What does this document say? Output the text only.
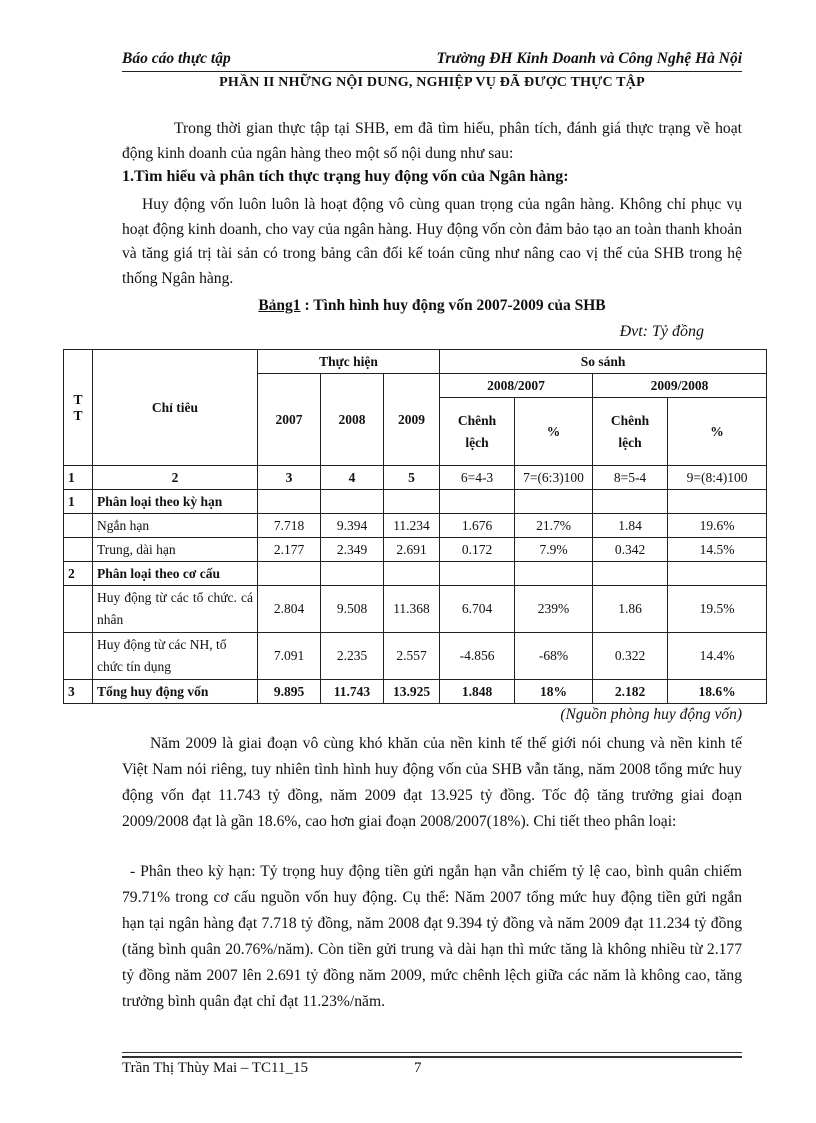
Báo cáo thực tập	Trường ĐH Kinh Doanh và Công Nghệ Hà Nội
PHẦN II NHỮNG NỘI DUNG, NGHIỆP VỤ ĐÃ ĐƯỢC THỰC TẬP
Trong thời gian thực tập tại SHB, em đã tìm hiểu, phân tích, đánh giá thực trạng về hoạt động kinh doanh của ngân hàng theo một số nội dung như sau:
1.Tìm hiểu và phân tích thực trạng huy động vốn của Ngân hàng:
Huy động vốn luôn luôn là hoạt động vô cùng quan trọng của ngân hàng. Không chỉ phục vụ hoạt động kinh doanh, cho vay của ngân hàng. Huy động vốn còn đảm bảo tạo an toàn thanh khoản và tăng giá trị tài sản có trong bảng cân đối kế toán cũng như nâng cao vị thế của SHB trong hệ thống Ngân hàng.
Bảng1 : Tình hình huy động vốn 2007-2009 của SHB
Đvt: Tỷ đồng
T T	Chỉ tiêu	Thực hiện			So sánh			
		2007	2008	2009	2008/2007		2009/2008	
					Chênh lệch	%	Chênh lệch	%
1	2	3	4	5	6=4-3	7=(6:3)100	8=5-4	9=(8:4)100
1	Phân loại theo kỳ hạn							
	Ngắn hạn	7.718	9.394	11.234	1.676	21.7%	1.84	19.6%
	Trung, dài hạn	2.177	2.349	2.691	0.172	7.9%	0.342	14.5%
2	Phân loại theo cơ cấu							
	Huy động từ các tổ chức. cá nhân	2.804	9.508	11.368	6.704	239%	1.86	19.5%
	Huy động từ các NH, tổ chức tín dụng	7.091	2.235	2.557	-4.856	-68%	0.322	14.4%
3	Tổng huy động vốn	9.895	11.743	13.925	1.848	18%	2.182	18.6%
(Nguồn phòng huy động vốn)
Năm 2009 là giai đoạn vô cùng khó khăn của nền kinh tế thế giới nói chung và nền kinh tế Việt Nam nói riêng, tuy nhiên tình hình huy động vốn của SHB vẫn tăng, năm 2008 tổng mức huy động vốn đạt 11.743 tỷ đồng, năm 2009 đạt 13.925 tỷ đồng. Tốc độ tăng trưởng giai đoạn 2009/2008 đạt là gần 18.6%, cao hơn giai đoạn 2008/2007(18%). Chi tiết theo phân loại:
- Phân theo kỳ hạn: Tỷ trọng huy động tiền gửi ngắn hạn vẫn chiếm tỷ lệ cao, bình quân chiếm 79.71% trong cơ cấu nguồn vốn huy động. Cụ thể: Năm 2007 tổng mức huy động tiền gửi ngắn hạn tại ngân hàng đạt 7.718 tỷ đồng, năm 2008 đạt 9.394 tỷ đồng và năm 2009 đạt 11.234 tỷ đồng (tăng bình quân 20.76%/năm). Còn tiền gửi trung và dài hạn thì mức tăng là không nhiều từ 2.177 tỷ đồng năm 2007 lên 2.691 tỷ đồng năm 2009, mức chênh lệch giữa các năm là không cao, tăng trưởng bình quân đạt chỉ đạt 11.23%/năm.
Trần Thị Thùy Mai – TC11_15	7
